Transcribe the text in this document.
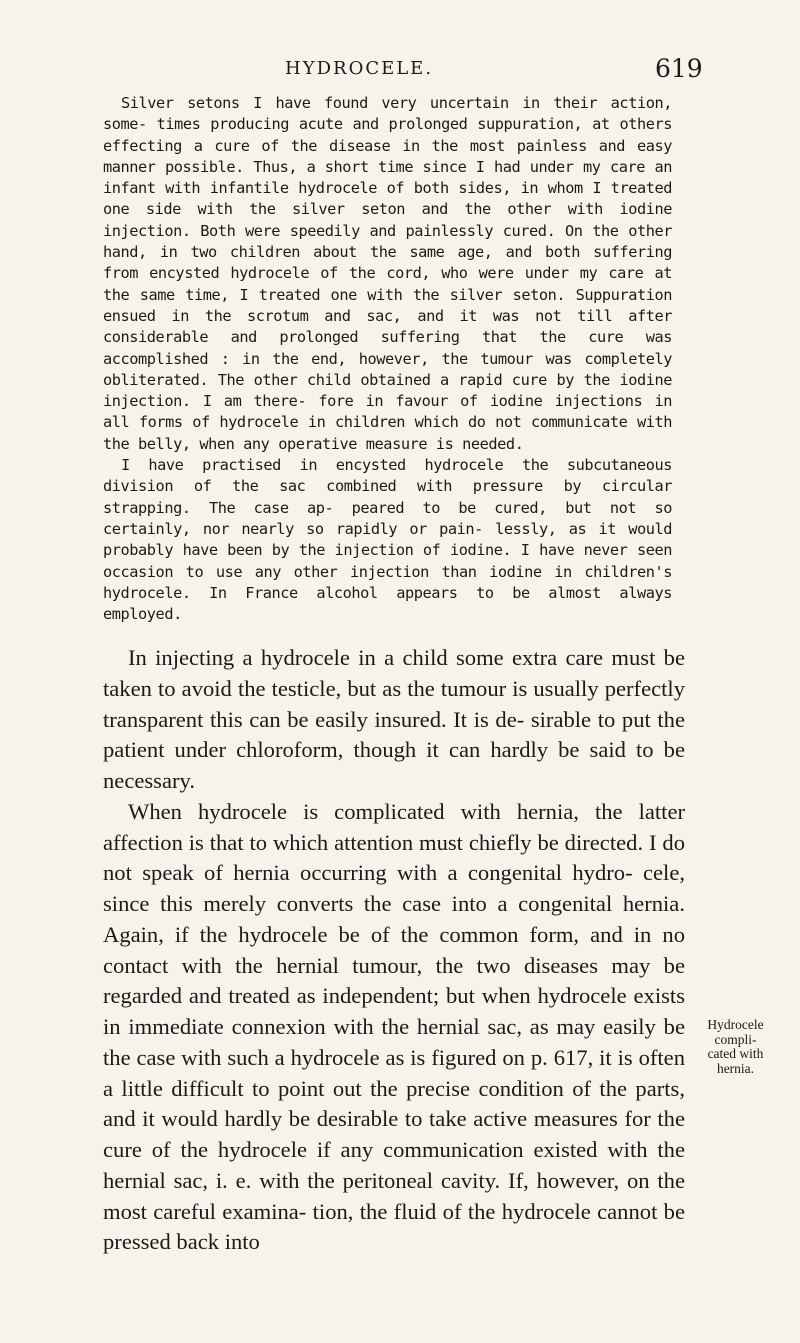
HYDROCELE.	619

Silver setons I have found very uncertain in their action, some- times producing acute and prolonged suppuration, at others effecting a cure of the disease in the most painless and easy manner possible. Thus, a short time since I had under my care an infant with infantile hydrocele of both sides, in whom I treated one side with the silver seton and the other with iodine injection. Both were speedily and painlessly cured. On the other hand, in two children about the same age, and both suffering from encysted hydrocele of the cord, who were under my care at the same time, I treated one with the silver seton. Suppuration ensued in the scrotum and sac, and it was not till after considerable and prolonged suffering that the cure was accomplished : in the end, however, the tumour was completely obliterated. The other child obtained a rapid cure by the iodine injection. I am there- fore in favour of iodine injections in all forms of hydrocele in children which do not communicate with the belly, when any operative measure is needed.

I have practised in encysted hydrocele the subcutaneous division of the sac combined with pressure by circular strapping. The case ap- peared to be cured, but not so certainly, nor nearly so rapidly or pain- lessly, as it would probably have been by the injection of iodine. I have never seen occasion to use any other injection than iodine in children's hydrocele. In France alcohol appears to be almost always employed.

In injecting a hydrocele in a child some extra care must be taken to avoid the testicle, but as the tumour is usually perfectly transparent this can be easily insured. It is de- sirable to put the patient under chloroform, though it can hardly be said to be necessary.

When hydrocele is complicated with hernia, the latter affection is that to which attention must chiefly be directed. I do not speak of hernia occurring with a congenital hydro- cele, since this merely converts the case into a congenital hernia. Again, if the hydrocele be of the common form, and in no contact with the hernial tumour, the two diseases may be regarded and treated as independent; but when hydrocele exists in immediate connexion with the hernial sac, as may easily be the case with such a hydrocele as is figured on p. 617, it is often a little difficult to point out the precise condition of the parts, and it would hardly be desirable to take active measures for the cure of the hydrocele if any communication existed with the hernial sac, i. e. with the peritoneal cavity. If, however, on the most careful examina- tion, the fluid of the hydrocele cannot be pressed back into

Hydrocele
compli-
cated with
hernia.
